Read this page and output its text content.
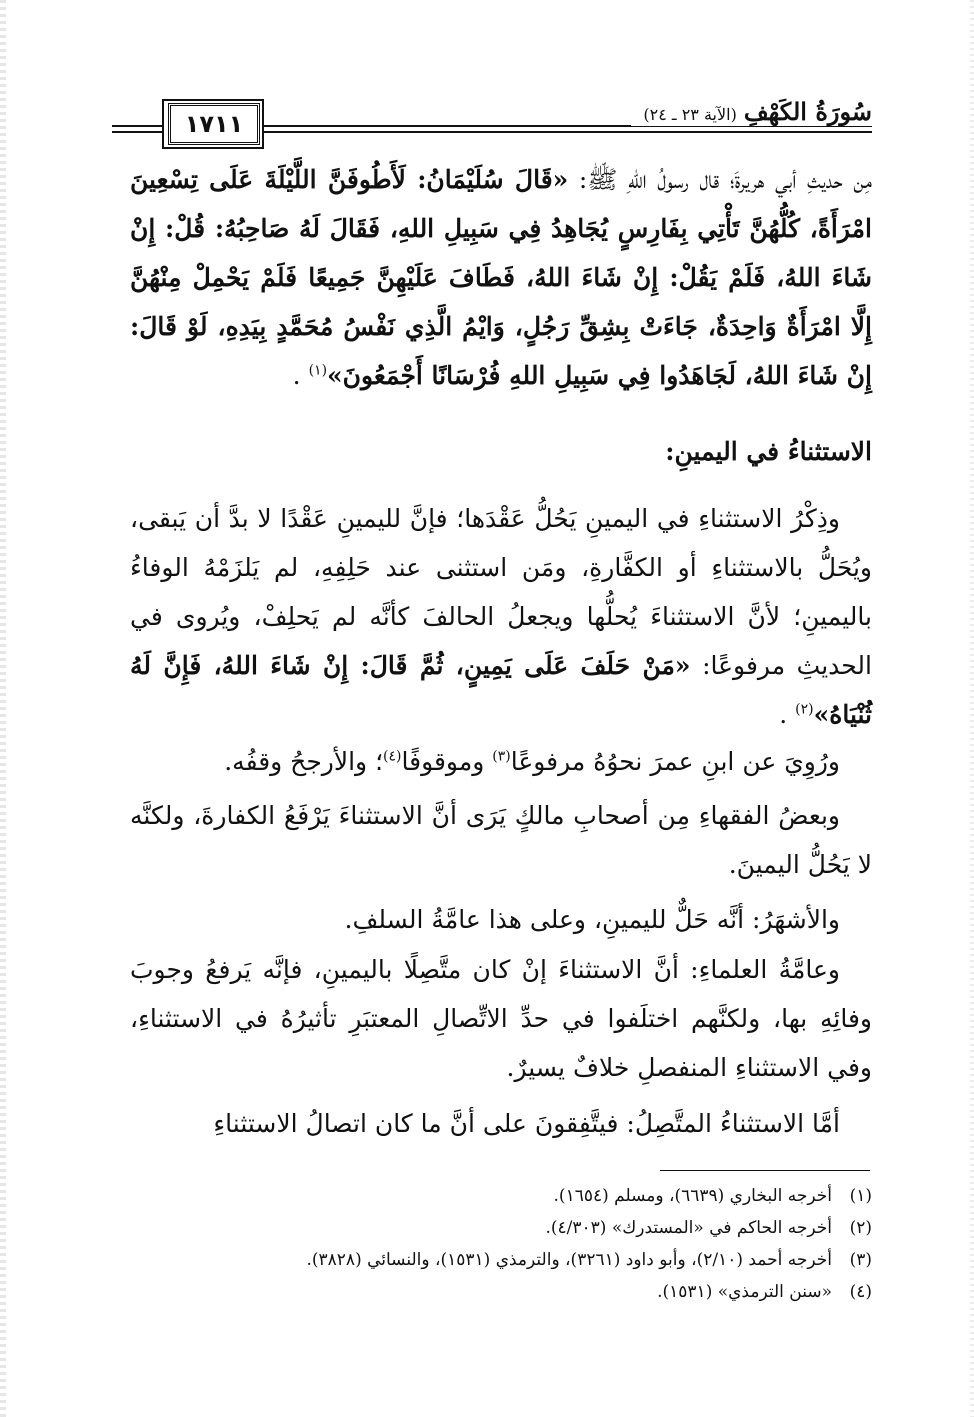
سُورَةُ الكَهْفِ (الآية ٢٣ ـ ٢٤)
١٧١١
مِن حديثِ أبي هريرةَ؛ قال رسولُ اللهِ ﷺ: «قَالَ سُلَيْمَانُ: لَأَطُوفَنَّ اللَّيْلَةَ عَلَى تِسْعِينَ امْرَأَةً، كُلُّهُنَّ تَأْتِي بِفَارِسٍ يُجَاهِدُ فِي سَبِيلِ اللهِ، فَقَالَ لَهُ صَاحِبُهُ: قُلْ: إِنْ شَاءَ اللهُ، فَلَمْ يَقُلْ: إِنْ شَاءَ اللهُ، فَطَافَ عَلَيْهِنَّ جَمِيعًا فَلَمْ يَحْمِلْ مِنْهُنَّ إِلَّا امْرَأَةٌ وَاحِدَةٌ، جَاءَتْ بِشِقِّ رَجُلٍ، وَايْمُ الَّذِي نَفْسُ مُحَمَّدٍ بِيَدِهِ، لَوْ قَالَ: إِنْ شَاءَ اللهُ، لَجَاهَدُوا فِي سَبِيلِ اللهِ فُرْسَانًا أَجْمَعُونَ»$^{(١)}$ .
الاستثناءُ في اليمينِ:
وذِكْرُ الاستثناءِ في اليمينِ يَحُلُّ عَقْدَها؛ فإنَّ لليمينِ عَقْدًا لا بدَّ أن يَبقى، ويُحَلُّ بالاستثناءِ أو الكفَّارةِ، ومَن استثنى عند حَلِفِهِ، لم يَلزَمْهُ الوفاءُ باليمينِ؛ لأنَّ الاستثناءَ يُحلُّها ويجعلُ الحالفَ كأنَّه لم يَحلِفْ، ويُروى في الحديثِ مرفوعًا: «مَنْ حَلَفَ عَلَى يَمِينٍ، ثُمَّ قَالَ: إِنْ شَاءَ اللهُ، فَإِنَّ لَهُ ثُنْيَاهُ»$^{(٢)}$ .
ورُوِيَ عن ابنِ عمرَ نحوُهُ مرفوعًا$^{(٣)}$ وموقوفًا$^{(٤)}$؛ والأرجحُ وقفُه.
وبعضُ الفقهاءِ مِن أصحابِ مالكٍ يَرَى أنَّ الاستثناءَ يَرْفَعُ الكفارةَ، ولكنَّه لا يَحُلُّ اليمينَ.
والأشهَرُ: أنَّه حَلٌّ لليمينِ، وعلى هذا عامَّةُ السلفِ.
وعامَّةُ العلماءِ: أنَّ الاستثناءَ إنْ كان متَّصِلًا باليمينِ، فإنَّه يَرفعُ وجوبَ وفائِهِ بها، ولكنَّهم اختلَفوا في حدِّ الاتِّصالِ المعتبَرِ تأثيرُهُ في الاستثناءِ، وفي الاستثناءِ المنفصلِ خلافٌ يسيرٌ.
أمَّا الاستثناءُ المتَّصِلُ: فيتَّفِقونَ على أنَّ ما كان اتصالُ الاستثناءِ
(١)
أخرجه البخاري (٦٦٣٩)، ومسلم (١٦٥٤).
(٢)
أخرجه الحاكم في «المستدرك» (٤/٣٠٣).
(٣)
أخرجه أحمد (٢/١٠)، وأبو داود (٣٢٦١)، والترمذي (١٥٣١)، والنسائي (٣٨٢٨).
(٤)
«سنن الترمذي» (١٥٣١).
